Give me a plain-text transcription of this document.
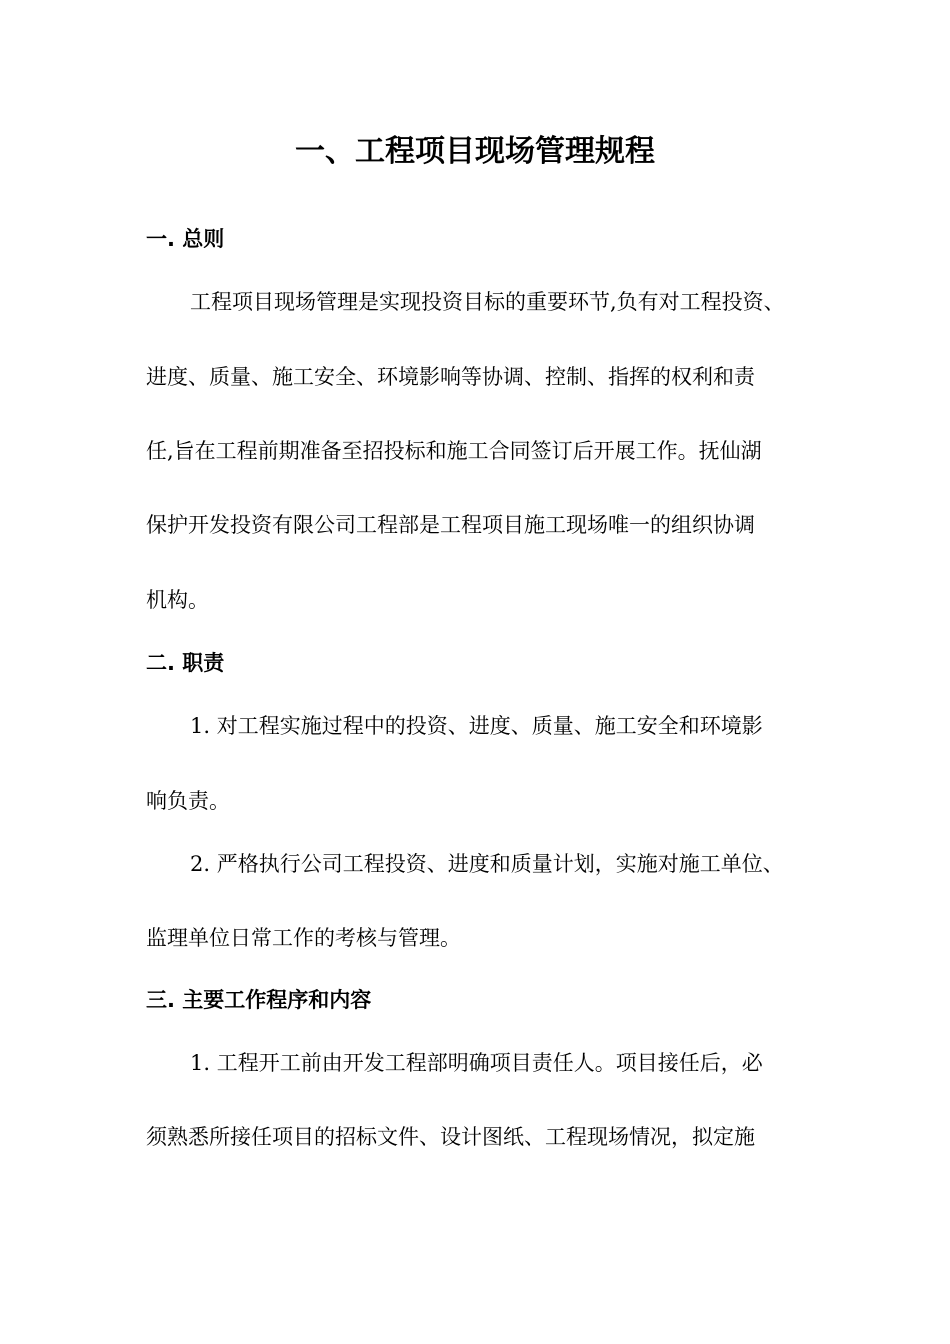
一、工程项目现场管理规程
一. 总则
工程项目现场管理是实现投资目标的重要环节,负有对工程投资、
进度、质量、施工安全、环境影响等协调、控制、指挥的权利和责
任,旨在工程前期准备至招投标和施工合同签订后开展工作。抚仙湖
保护开发投资有限公司工程部是工程项目施工现场唯一的组织协调
机构。
二. 职责
1. 对工程实施过程中的投资、进度、质量、施工安全和环境影
响负责。
2. 严格执行公司工程投资、进度和质量计划，实施对施工单位、
监理单位日常工作的考核与管理。
三. 主要工作程序和内容
1. 工程开工前由开发工程部明确项目责任人。项目接任后，必
须熟悉所接任项目的招标文件、设计图纸、工程现场情况，拟定施
